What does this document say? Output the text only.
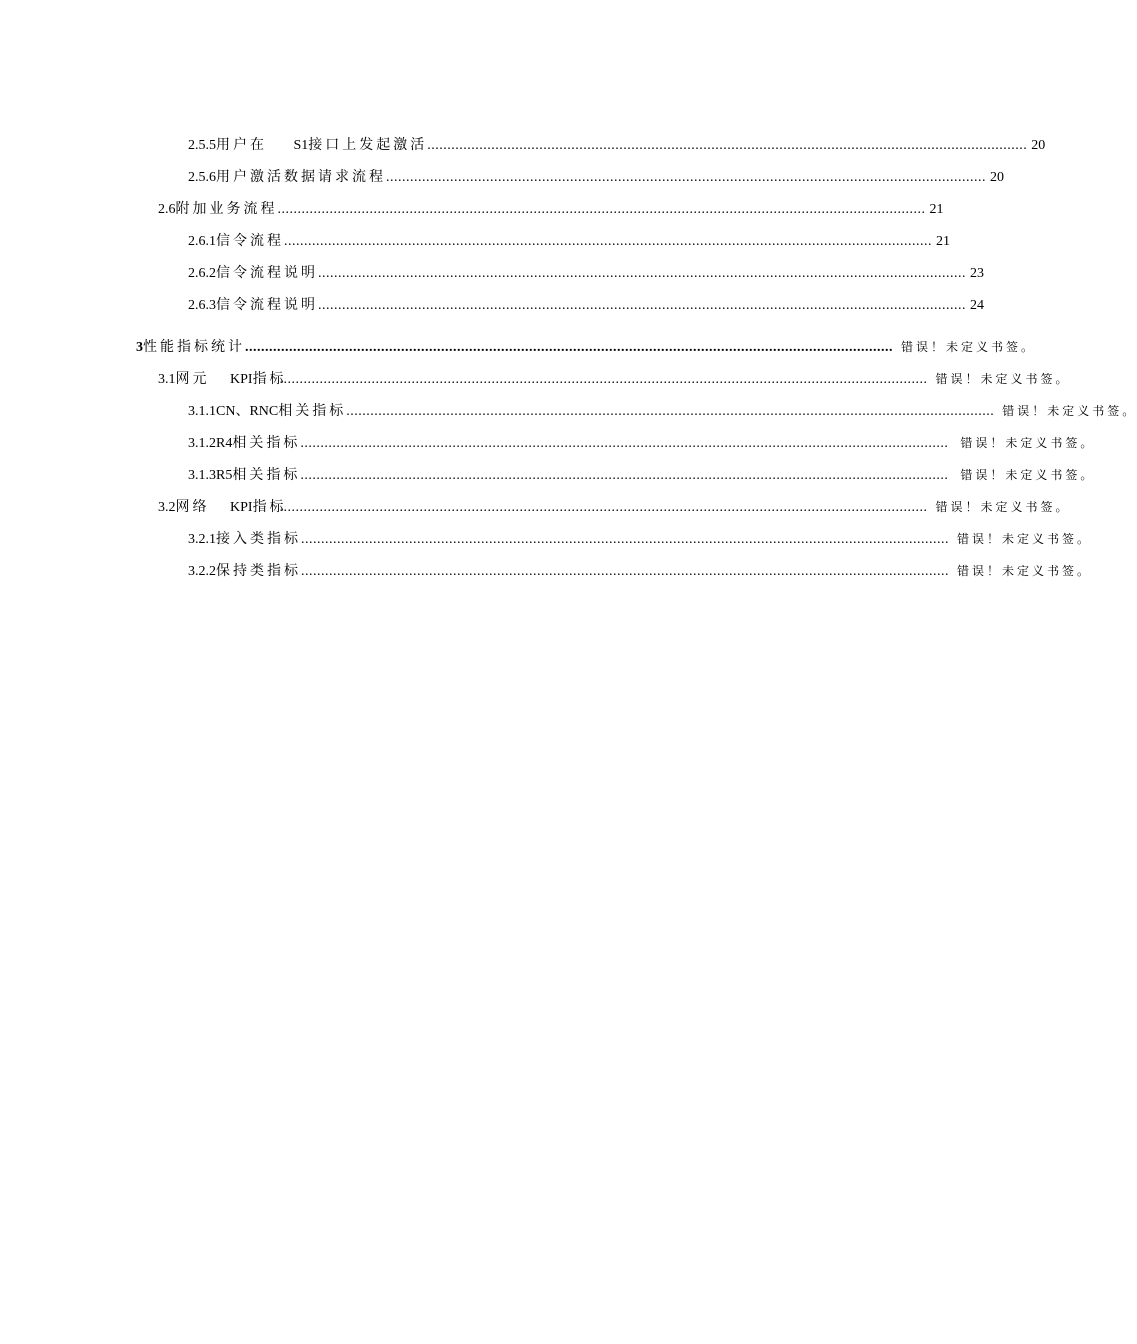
2.5.5 用户在 S1接口上发起激活 ...................................................................................................................................................... 20
2.5.6 用户激活数据请求流程 ...................................................................................................................................................... 20
2.6 附加业务流程 .................................................................................................................................................................. 21
2.6.1 信令流程 .................................................................................................................................................................. 21
2.6.2 信令流程说明 .................................................................................................................................................................. 23
2.6.3 信令流程说明 .................................................................................................................................................................. 24
3 性能指标统计 .................................................................................................................................................................. 错误！未定义书签。
3.1 网元 KPI指标
.................................................................................................................................................................. 错误！未定义书签。
3.1.1 CN、RNC相关指标 .................................................................................................................................................................. 错误！未定义书签。
3.1.2 R4相关指标 .................................................................................................................................................................. 错误！未定义书签。
3.1.3 R5相关指标 .................................................................................................................................................................. 错误！未定义书签。
3.2 网络 KPI指标
.................................................................................................................................................................. 错误！未定义书签。
3.2.1 接入类指标 .................................................................................................................................................................. 错误！未定义书签。
3.2.2 保持类指标 .................................................................................................................................................................. 错误！未定义书签。
